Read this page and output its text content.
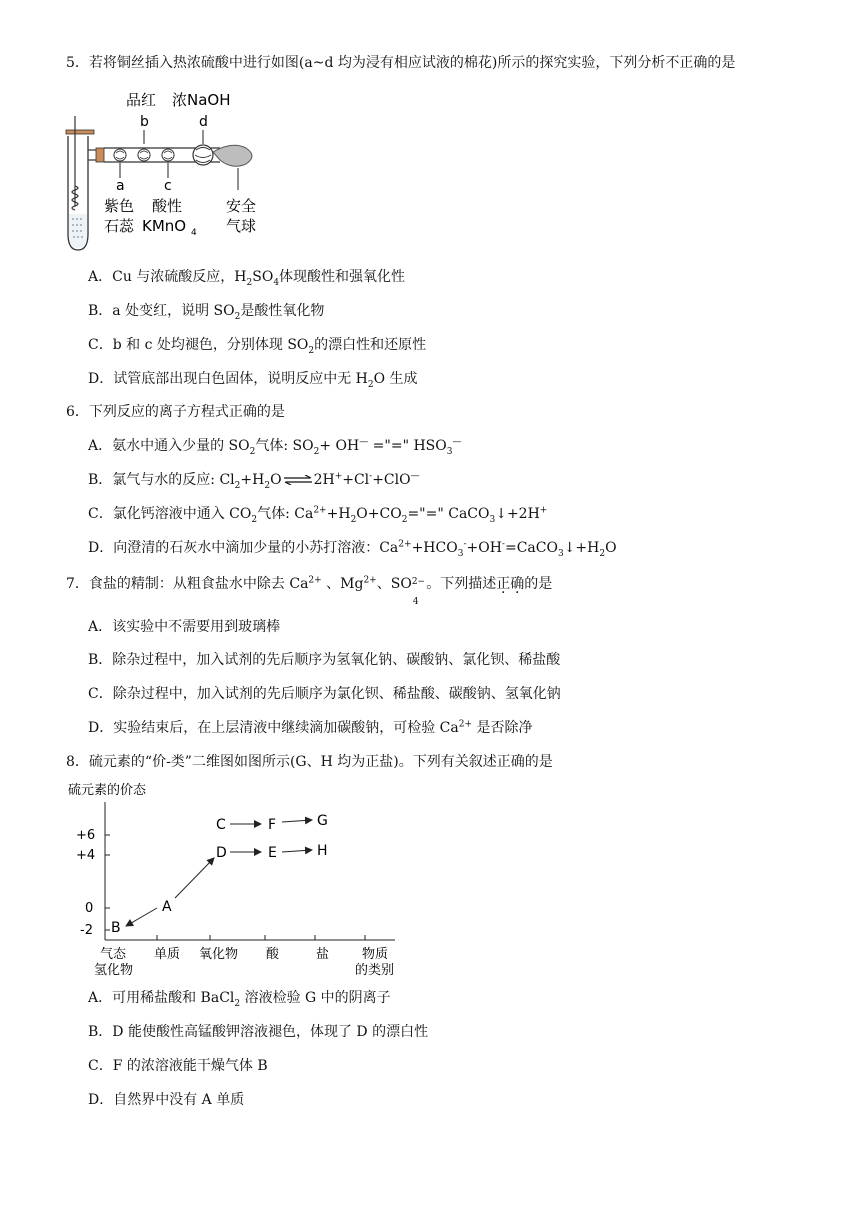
5．若将铜丝插入热浓硫酸中进行如图(a~d 均为浸有相应试液的棉花)所示的探究实验，下列分析不正确的是
品红 浓NaOH
b	d
a	c
紫色
石蕊
酸性
KMnO 4
安全
气球
A．Cu 与浓硫酸反应，$H_2SO_4$体现酸性和强氧化性
B．a 处变红，说明 $SO_2$是酸性氧化物
C．b 和 c 处均褪色，分别体现 $SO_2$的漂白性和还原性
D．试管底部出现白色固体，说明反应中无 $H_2O$ 生成
6．下列反应的离子方程式正确的是
A．氨水中通入少量的 $SO_2$气体: $SO_2+ OH^—$ ="=" $HSO_3^—$
B．氯气与水的反应: $Cl_2+H_2O\rightleftharpoons 2H^++Cl^-+ClO^—$
C．氯化钙溶液中通入 $CO_2$气体: $Ca^{2+}+H_2O+CO_2="=$" CaCO$_3$↓+2H+
D．向澄清的石灰水中滴加少量的小苏打溶液：$Ca^{2+}+HCO_3^-+OH^-=CaCO_3↓+H_2O$
7．食盐的精制：从粗食盐水中除去 $Ca^{2+}$ 、$Mg^{2+}$、SO 2−
4
。下列描述正确的是
A．该实验中不需要用到玻璃棒
B．除杂过程中，加入试剂的先后顺序为氢氧化钠、碳酸钠、氯化钡、稀盐酸
C．除杂过程中，加入试剂的先后顺序为氯化钡、稀盐酸、碳酸钠、氢氧化钠
D．实验结束后，在上层清液中继续滴加碳酸钠，可检验 $Ca^{2+}$ 是否除净
8．硫元素的“价-类”二维图如图所示(G、H 均为正盐)。下列有关叙述正确的是
硫元素的价态
+6
+4
0
-2
气态
氢化物
单质 氧化物 酸	盐	物质
的类别
B
A
C
D
F
E
G
H
A．可用稀盐酸和 BaCl$_2$ 溶液检验 G 中的阴离子
B．D 能使酸性高锰酸钾溶液褪色，体现了 D 的漂白性
C．F 的浓溶液能干燥气体 B
D．自然界中没有 A 单质
